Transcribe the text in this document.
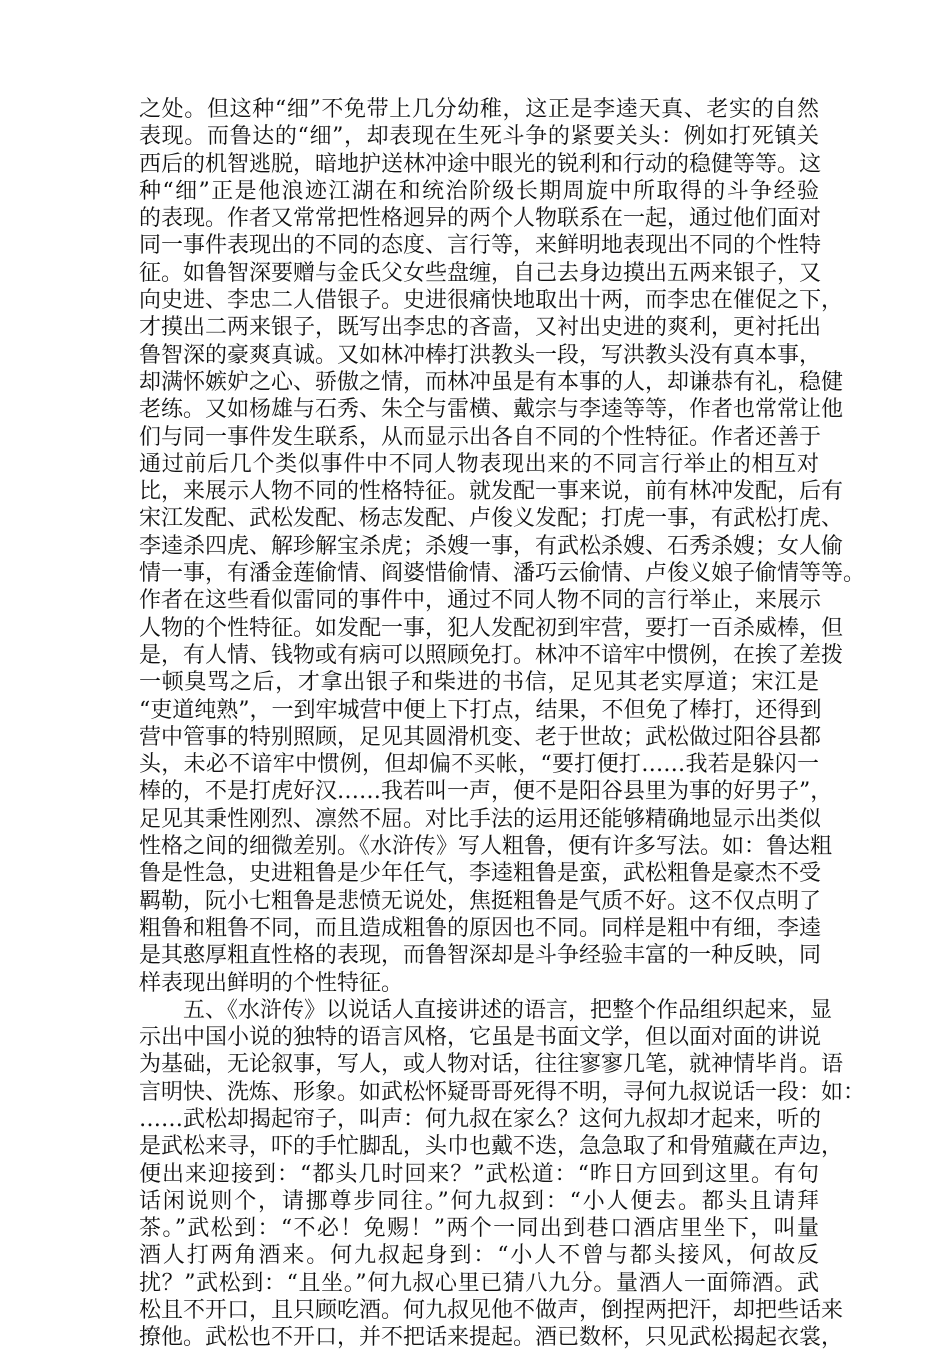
之处。但这种“细”不免带上几分幼稚，这正是李逵天真、老实的自然
表现。而鲁达的“细”，却表现在生死斗争的紧要关头：例如打死镇关
西后的机智逃脱，暗地护送林冲途中眼光的锐利和行动的稳健等等。这
种“细”正是他浪迹江湖在和统治阶级长期周旋中所取得的斗争经验
的表现。作者又常常把性格迥异的两个人物联系在一起，通过他们面对
同一事件表现出的不同的态度、言行等，来鲜明地表现出不同的个性特
征。如鲁智深要赠与金氏父女些盘缠，自己去身边摸出五两来银子，又
向史进、李忠二人借银子。史进很痛快地取出十两，而李忠在催促之下，
才摸出二两来银子，既写出李忠的吝啬，又衬出史进的爽利，更衬托出
鲁智深的豪爽真诚。又如林冲棒打洪教头一段，写洪教头没有真本事，
却满怀嫉妒之心、骄傲之情，而林冲虽是有本事的人，却谦恭有礼，稳健
老练。又如杨雄与石秀、朱仝与雷横、戴宗与李逵等等，作者也常常让他
们与同一事件发生联系，从而显示出各自不同的个性特征。作者还善于
通过前后几个类似事件中不同人物表现出来的不同言行举止的相互对
比，来展示人物不同的性格特征。就发配一事来说，前有林冲发配，后有
宋江发配、武松发配、杨志发配、卢俊义发配；打虎一事，有武松打虎、
李逵杀四虎、解珍解宝杀虎；杀嫂一事，有武松杀嫂、石秀杀嫂；女人偷
情一事，有潘金莲偷情、阎婆惜偷情、潘巧云偷情、卢俊义娘子偷情等等。
作者在这些看似雷同的事件中，通过不同人物不同的言行举止，来展示
人物的个性特征。如发配一事，犯人发配初到牢营，要打一百杀威棒，但
是，有人情、钱物或有病可以照顾免打。林冲不谙牢中惯例，在挨了差拨
一顿臭骂之后，才拿出银子和柴进的书信，足见其老实厚道；宋江是
“吏道纯熟”，一到牢城营中便上下打点，结果，不但免了棒打，还得到
营中管事的特别照顾，足见其圆滑机变、老于世故；武松做过阳谷县都
头，未必不谙牢中惯例，但却偏不买帐，“要打便打……我若是躲闪一
棒的，不是打虎好汉……我若叫一声，便不是阳谷县里为事的好男子”，
足见其秉性刚烈、凛然不屈。对比手法的运用还能够精确地显示出类似
性格之间的细微差别。《水浒传》写人粗鲁，便有许多写法。如：鲁达粗
鲁是性急，史进粗鲁是少年任气，李逵粗鲁是蛮，武松粗鲁是豪杰不受
羁勒，阮小七粗鲁是悲愤无说处，焦挺粗鲁是气质不好。这不仅点明了
粗鲁和粗鲁不同，而且造成粗鲁的原因也不同。同样是粗中有细，李逵
是其憨厚粗直性格的表现，而鲁智深却是斗争经验丰富的一种反映，同
样表现出鲜明的个性特征。
五、《水浒传》以说话人直接讲述的语言，把整个作品组织起来，显
示出中国小说的独特的语言风格，它虽是书面文学，但以面对面的讲说
为基础，无论叙事，写人，或人物对话，往往寥寥几笔，就神情毕肖。语
言明快、洗炼、形象。如武松怀疑哥哥死得不明，寻何九叔说话一段：如：
……武松却揭起帘子，叫声：何九叔在家么？这何九叔却才起来，听的
是武松来寻，吓的手忙脚乱，头巾也戴不迭，急急取了和骨殖藏在声边，
便出来迎接到：“都头几时回来？”武松道：“昨日方回到这里。有句
话闲说则个，请挪尊步同往。”何九叔到：“小人便去。都头且请拜
茶。”武松到：“不必！免赐！”两个一同出到巷口酒店里坐下，叫量
酒人打两角酒来。何九叔起身到：“小人不曾与都头接风，何故反
扰？”武松到：“且坐。”何九叔心里已猜八九分。量酒人一面筛酒。武
松且不开口，且只顾吃酒。何九叔见他不做声，倒捏两把汗，却把些话来
撩他。武松也不开口，并不把话来提起。酒已数杯，只见武松揭起衣裳，
